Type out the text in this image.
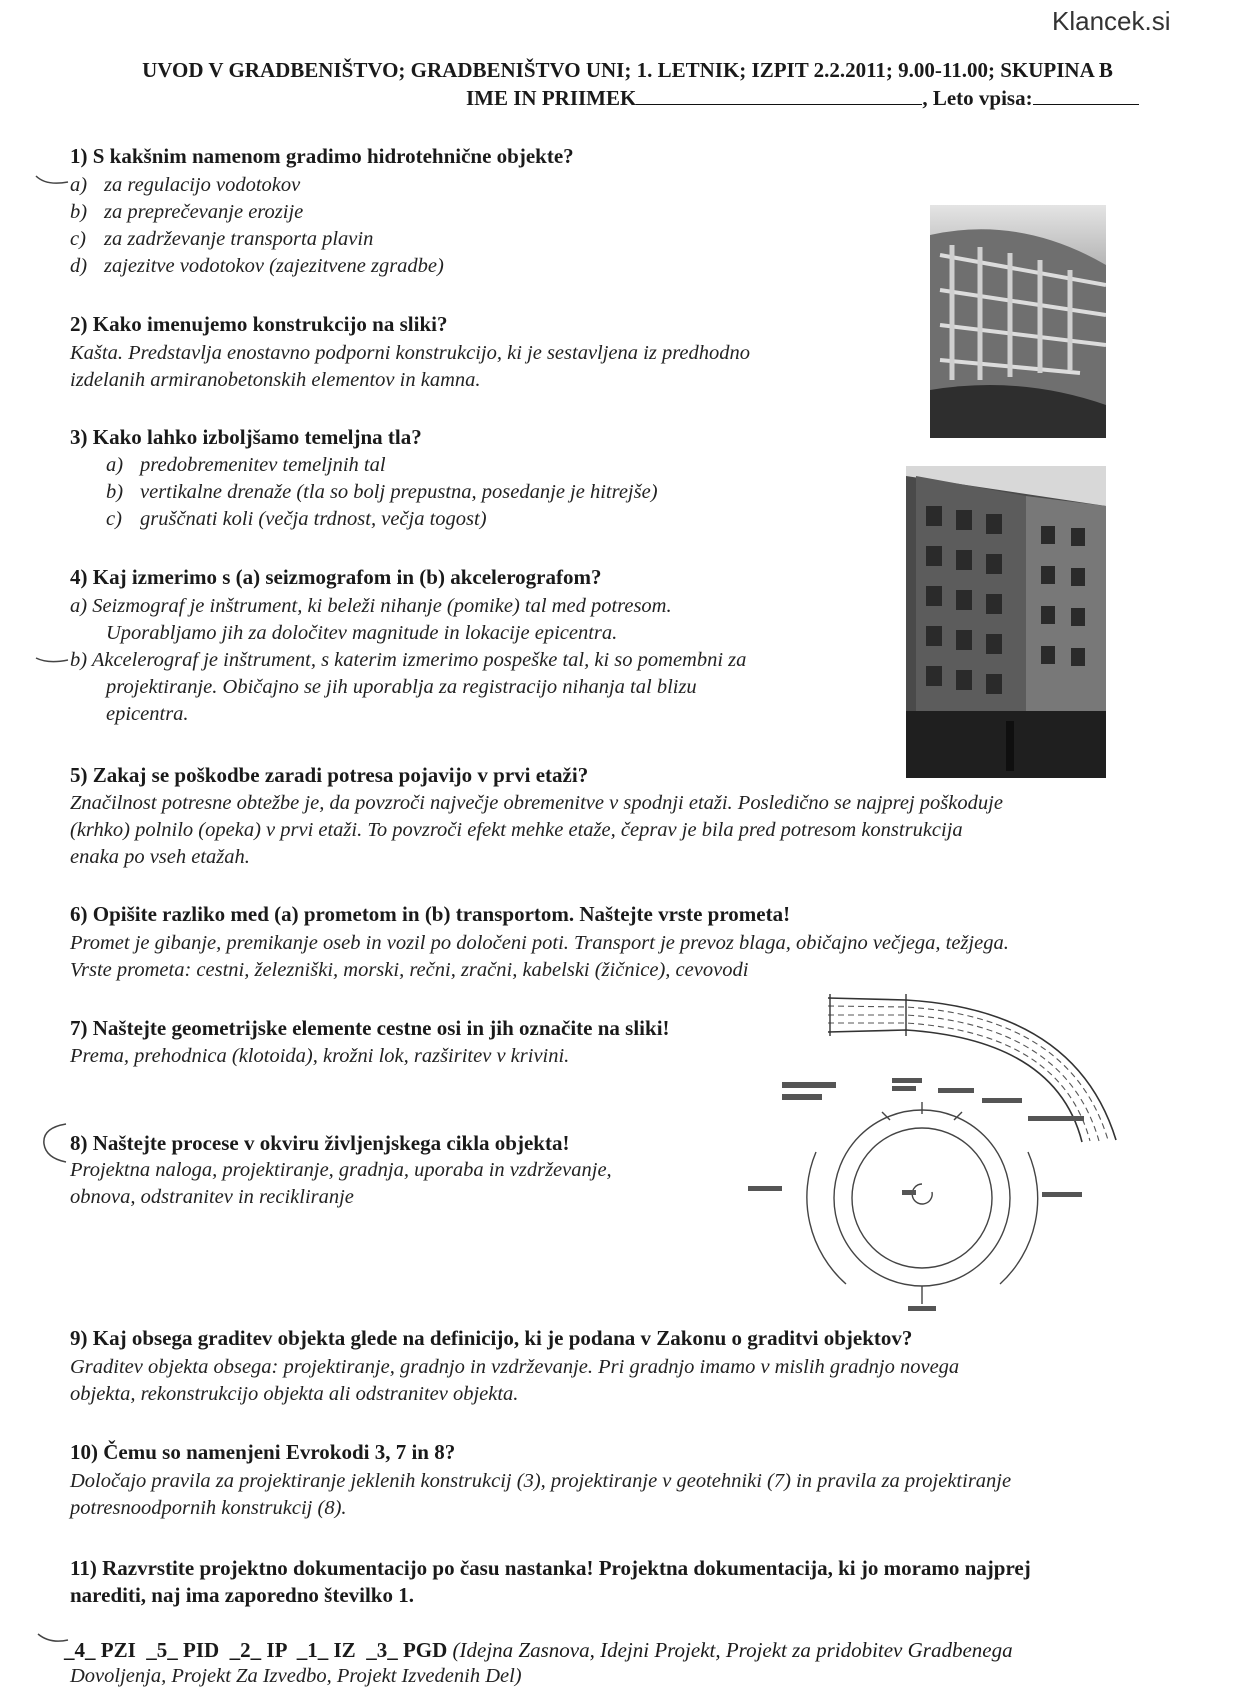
Klancek.si
UVOD V GRADBENIŠTVO; GRADBENIŠTVO UNI; 1. LETNIK; IZPIT 2.2.2011; 9.00-11.00; SKUPINA B
IME IN PRIIMEK	, Leto vpisa:
1) S kakšnim namenom gradimo hidrotehnične objekte?
a) za regulacijo vodotokov
b) za preprečevanje erozije
c) za zadrževanje transporta plavin
d) zajezitve vodotokov (zajezitvene zgradbe)
2) Kako imenujemo konstrukcijo na sliki?
Kašta. Predstavlja enostavno podporni konstrukcijo, ki je sestavljena iz predhodno
izdelanih armiranobetonskih elementov in kamna.
3) Kako lahko izboljšamo temeljna tla?
a) predobremenitev temeljnih tal
b) vertikalne drenaže (tla so bolj prepustna, posedanje je hitrejše)
c) gruščnati koli (večja trdnost, večja togost)
4) Kaj izmerimo s (a) seizmografom in (b) akcelerografom?
a) Seizmograf je inštrument, ki beleži nihanje (pomike) tal med potresom.
Uporabljamo jih za določitev magnitude in lokacije epicentra.
b) Akcelerograf je inštrument, s katerim izmerimo pospeške tal, ki so pomembni za
projektiranje. Običajno se jih uporablja za registracijo nihanja tal blizu
epicentra.
5) Zakaj se poškodbe zaradi potresa pojavijo v prvi etaži?
Značilnost potresne obtežbe je, da povzroči največje obremenitve v spodnji etaži. Posledično se najprej poškoduje
(krhko) polnilo (opeka) v prvi etaži. To povzroči efekt mehke etaže, čeprav je bila pred potresom konstrukcija
enaka po vseh etažah.
6) Opišite razliko med (a) prometom in (b) transportom. Naštejte vrste prometa!
Promet je gibanje, premikanje oseb in vozil po določeni poti. Transport je prevoz blaga, običajno večjega, težjega.
Vrste prometa: cestni, železniški, morski, rečni, zračni, kabelski (žičnice), cevovodi
7) Naštejte geometrijske elemente cestne osi in jih označite na sliki!
Prema, prehodnica (klotoida), krožni lok, razširitev v krivini.
8) Naštejte procese v okviru življenjskega cikla objekta!
Projektna naloga, projektiranje, gradnja, uporaba in vzdrževanje,
obnova, odstranitev in recikliranje
9) Kaj obsega graditev objekta glede na definicijo, ki je podana v Zakonu o graditvi objektov?
Graditev objekta obsega: projektiranje, gradnjo in vzdrževanje. Pri gradnjo imamo v mislih gradnjo novega
objekta, rekonstrukcijo objekta ali odstranitev objekta.
10) Čemu so namenjeni Evrokodi 3, 7 in 8?
Določajo pravila za projektiranje jeklenih konstrukcij (3), projektiranje v geotehniki (7) in pravila za projektiranje
potresnoodpornih konstrukcij (8).
11) Razvrstite projektno dokumentacijo po času nastanka! Projektna dokumentacija, ki jo moramo najprej
narediti, naj ima zaporedno številko 1.
_4_ PZI  _5_ PID  _2_ IP  _1_ IZ  _3_ PGD (Idejna Zasnova, Idejni Projekt, Projekt za pridobitev Gradbenega
Dovoljenja, Projekt Za Izvedbo, Projekt Izvedenih Del)
